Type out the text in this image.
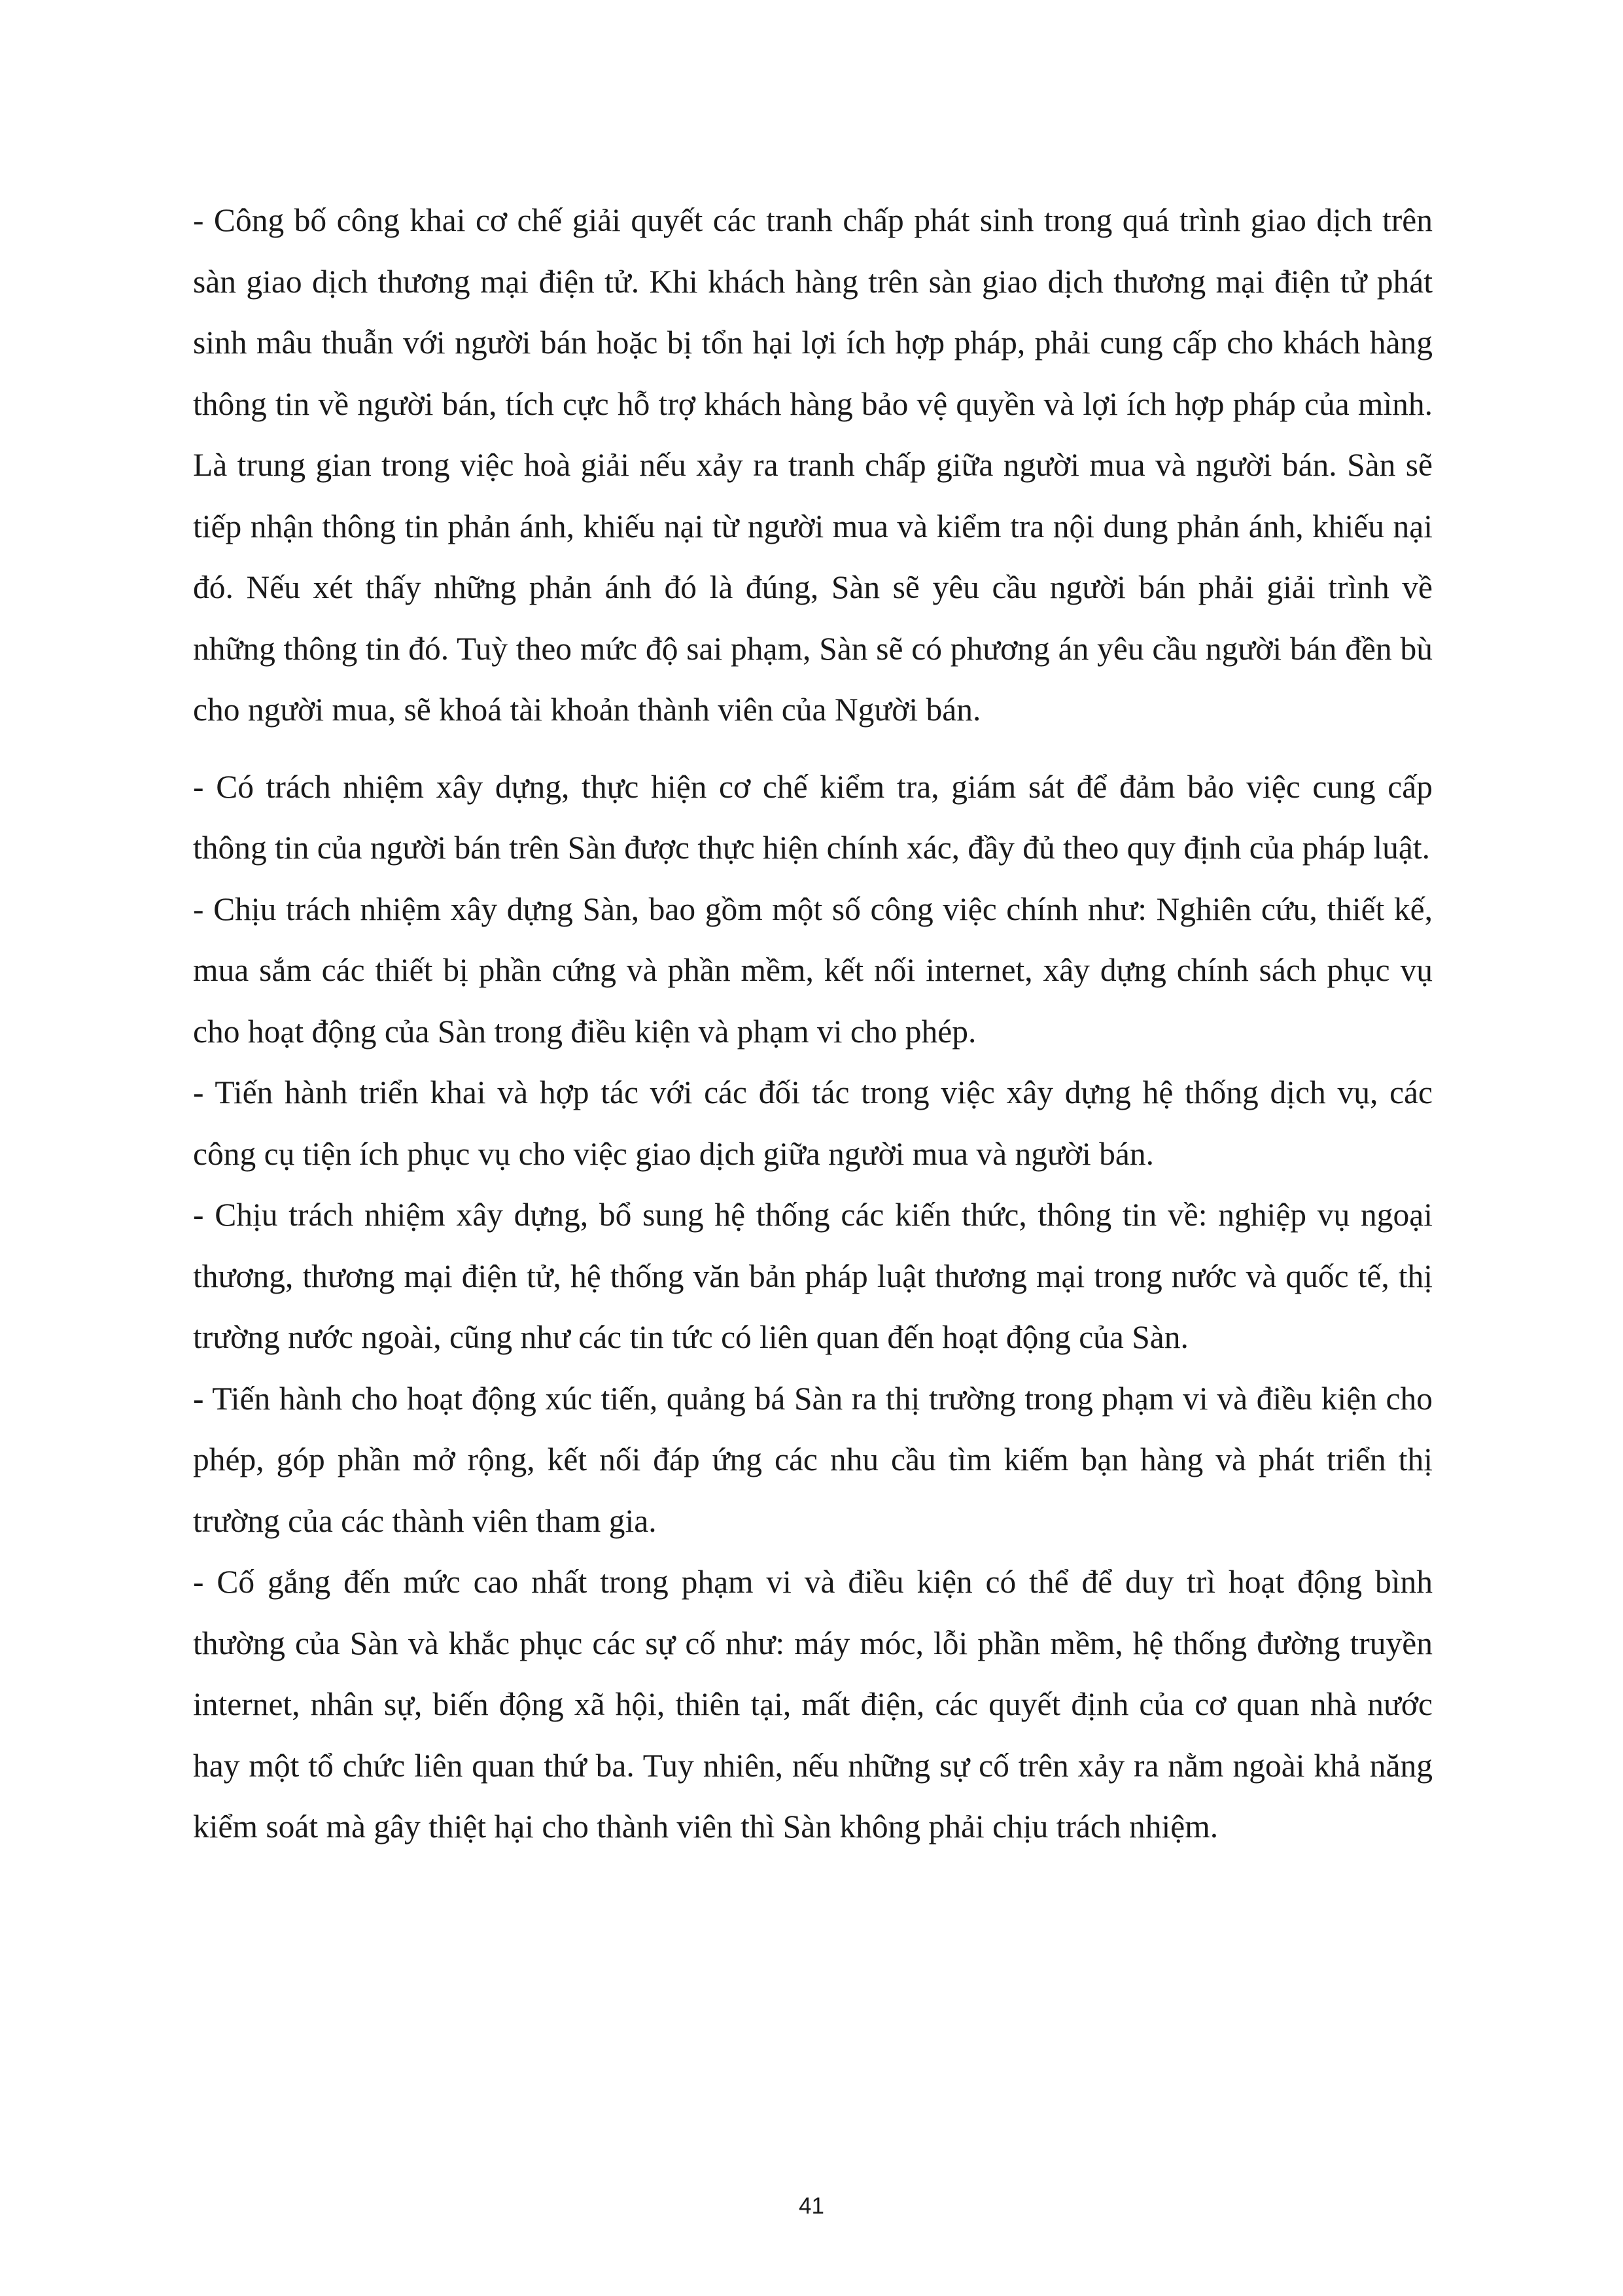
- Công bố công khai cơ chế giải quyết các tranh chấp phát sinh trong quá trình giao dịch trên sàn giao dịch thương mại điện tử. Khi khách hàng trên sàn giao dịch thương mại điện tử phát sinh mâu thuẫn với người bán hoặc bị tổn hại lợi ích hợp pháp, phải cung cấp cho khách hàng thông tin về người bán, tích cực hỗ trợ khách hàng bảo vệ quyền và lợi ích hợp pháp của mình. Là trung gian trong việc hoà giải nếu xảy ra tranh chấp giữa người mua và người bán. Sàn sẽ tiếp nhận thông tin phản ánh, khiếu nại từ người mua và kiểm tra nội dung phản ánh, khiếu nại đó. Nếu xét thấy những phản ánh đó là đúng, Sàn sẽ yêu cầu người bán phải giải trình về những thông tin đó. Tuỳ theo mức độ sai phạm, Sàn sẽ có phương án yêu cầu người bán đền bù cho người mua, sẽ khoá tài khoản thành viên của Người bán.

- Có trách nhiệm xây dựng, thực hiện cơ chế kiểm tra, giám sát để đảm bảo việc cung cấp thông tin của người bán trên Sàn được thực hiện chính xác, đầy đủ theo quy định của pháp luật.

- Chịu trách nhiệm xây dựng Sàn, bao gồm một số công việc chính như: Nghiên cứu, thiết kế, mua sắm các thiết bị phần cứng và phần mềm, kết nối internet, xây dựng chính sách phục vụ cho hoạt động của Sàn trong điều kiện và phạm vi cho phép.

- Tiến hành triển khai và hợp tác với các đối tác trong việc xây dựng hệ thống dịch vụ, các công cụ tiện ích phục vụ cho việc giao dịch giữa người mua và người bán.

- Chịu trách nhiệm xây dựng, bổ sung hệ thống các kiến thức, thông tin về: nghiệp vụ ngoại thương, thương mại điện tử, hệ thống văn bản pháp luật thương mại trong nước và quốc tế, thị trường nước ngoài, cũng như các tin tức có liên quan đến hoạt động của Sàn.

- Tiến hành cho hoạt động xúc tiến, quảng bá Sàn ra thị trường trong phạm vi và điều kiện cho phép, góp phần mở rộng, kết nối đáp ứng các nhu cầu tìm kiếm bạn hàng và phát triển thị trường của các thành viên tham gia.

- Cố gắng đến mức cao nhất trong phạm vi và điều kiện có thể để duy trì hoạt động bình thường của Sàn và khắc phục các sự cố như: máy móc, lỗi phần mềm, hệ thống đường truyền internet, nhân sự, biến động xã hội, thiên tại, mất điện, các quyết định của cơ quan nhà nước hay một tổ chức liên quan thứ ba. Tuy nhiên, nếu những sự cố trên xảy ra nằm ngoài khả năng kiểm soát mà gây thiệt hại cho thành viên thì Sàn không phải chịu trách nhiệm.

41
